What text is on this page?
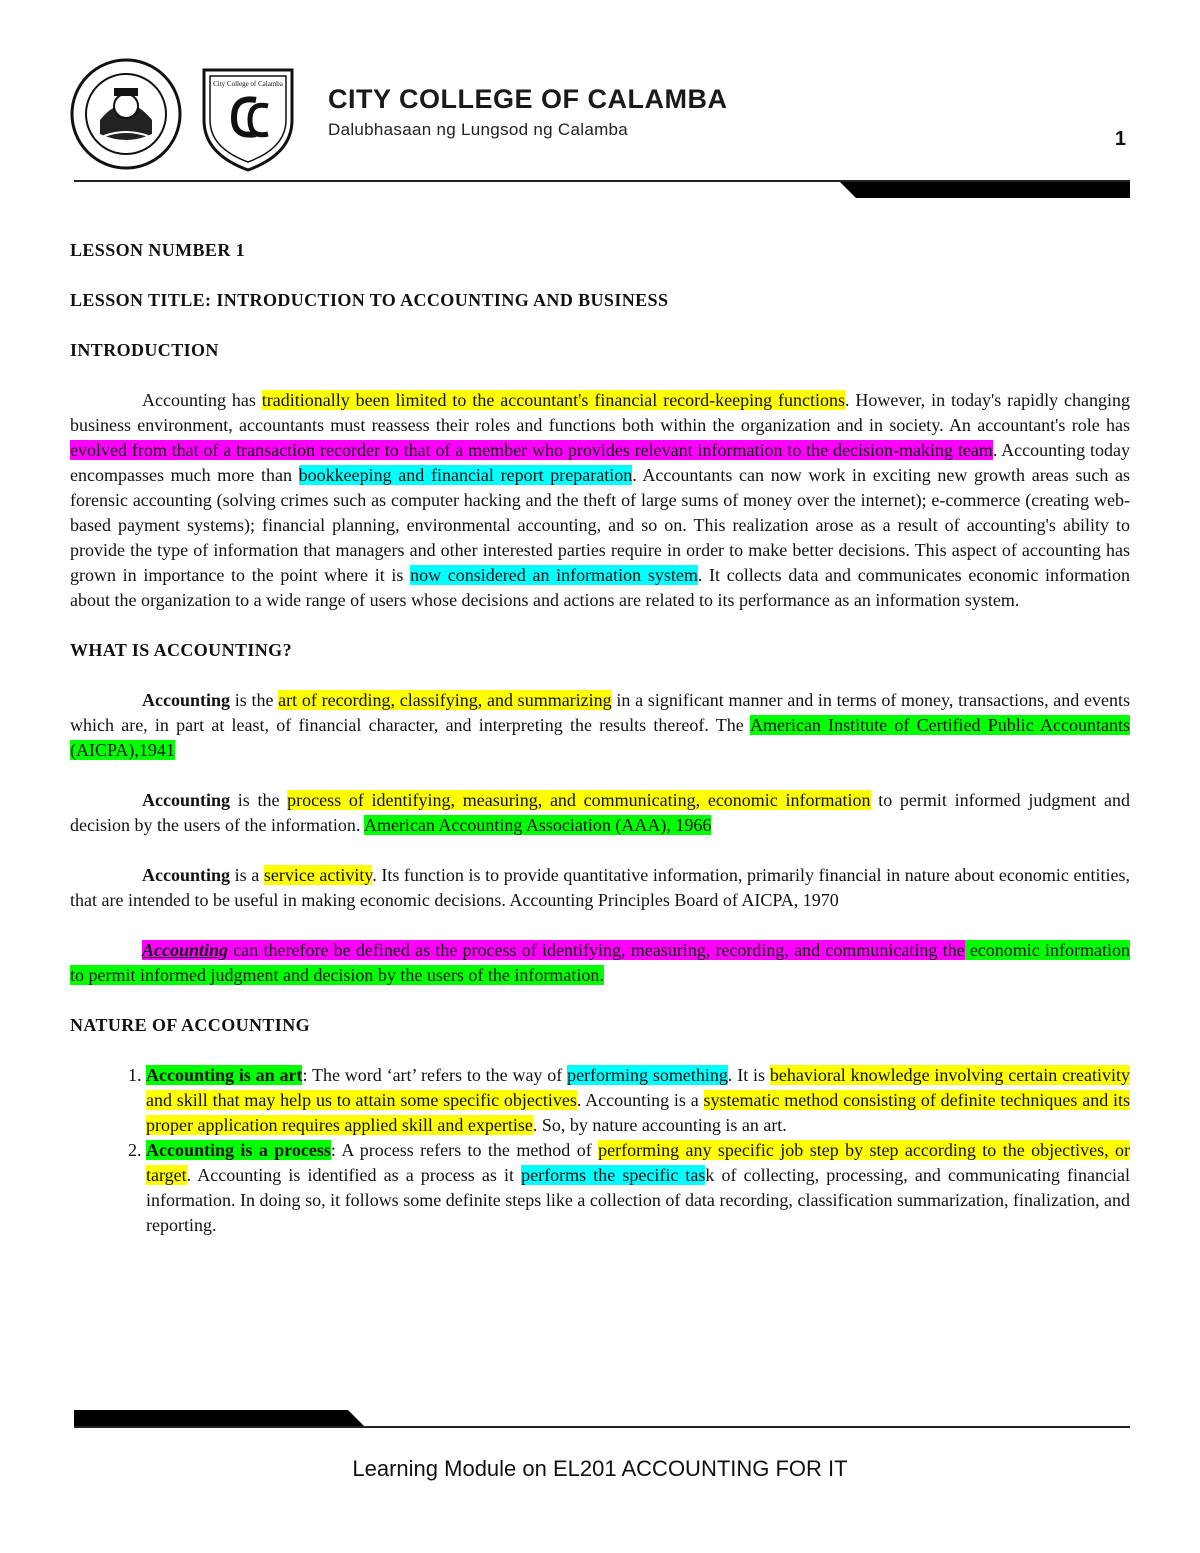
City College of Calamba CITY COLLEGE OF CALAMBA
Dalubhasaan ng Lungsod ng Calamba	1
LESSON NUMBER 1
LESSON TITLE: INTRODUCTION TO ACCOUNTING AND BUSINESS
INTRODUCTION

Accounting has traditionally been limited to the accountant's financial record-keeping functions. However, in today's rapidly changing business environment, accountants must reassess their roles and functions both within the organization and in society. An accountant's role has evolved from that of a transaction recorder to that of a member who provides relevant information to the decision-making team. Accounting today encompasses much more than bookkeeping and financial report preparation. Accountants can now work in exciting new growth areas such as forensic accounting (solving crimes such as computer hacking and the theft of large sums of money over the internet); e-commerce (creating web-based payment systems); financial planning, environmental accounting, and so on. This realization arose as a result of accounting's ability to provide the type of information that managers and other interested parties require in order to make better decisions. This aspect of accounting has grown in importance to the point where it is now considered an information system. It collects data and communicates economic information about the organization to a wide range of users whose decisions and actions are related to its performance as an information system.

WHAT IS ACCOUNTING?

Accounting is the art of recording, classifying, and summarizing in a significant manner and in terms of money, transactions, and events which are, in part at least, of financial character, and interpreting the results thereof. The American Institute of Certified Public Accountants (AICPA),1941

Accounting is the process of identifying, measuring, and communicating, economic information to permit informed judgment and decision by the users of the information. American Accounting Association (AAA), 1966

Accounting is a service activity. Its function is to provide quantitative information, primarily financial in nature about economic entities, that are intended to be useful in making economic decisions. Accounting Principles Board of AICPA, 1970

Accounting can therefore be defined as the process of identifying, measuring, recording, and communicating the economic information to permit informed judgment and decision by the users of the information.

NATURE OF ACCOUNTING
1. Accounting is an art: The word ‘art’ refers to the way of performing something. It is behavioral knowledge involving certain creativity and skill that may help us to attain some specific objectives. Accounting is a systematic method consisting of definite techniques and its proper application requires applied skill and expertise. So, by nature accounting is an art.
2. Accounting is a process: A process refers to the method of performing any specific job step by step according to the objectives, or target. Accounting is identified as a process as it performs the specific task of collecting, processing, and communicating financial information. In doing so, it follows some definite steps like a collection of data recording, classification summarization, finalization, and reporting.
Learning Module on EL201 ACCOUNTING FOR IT
